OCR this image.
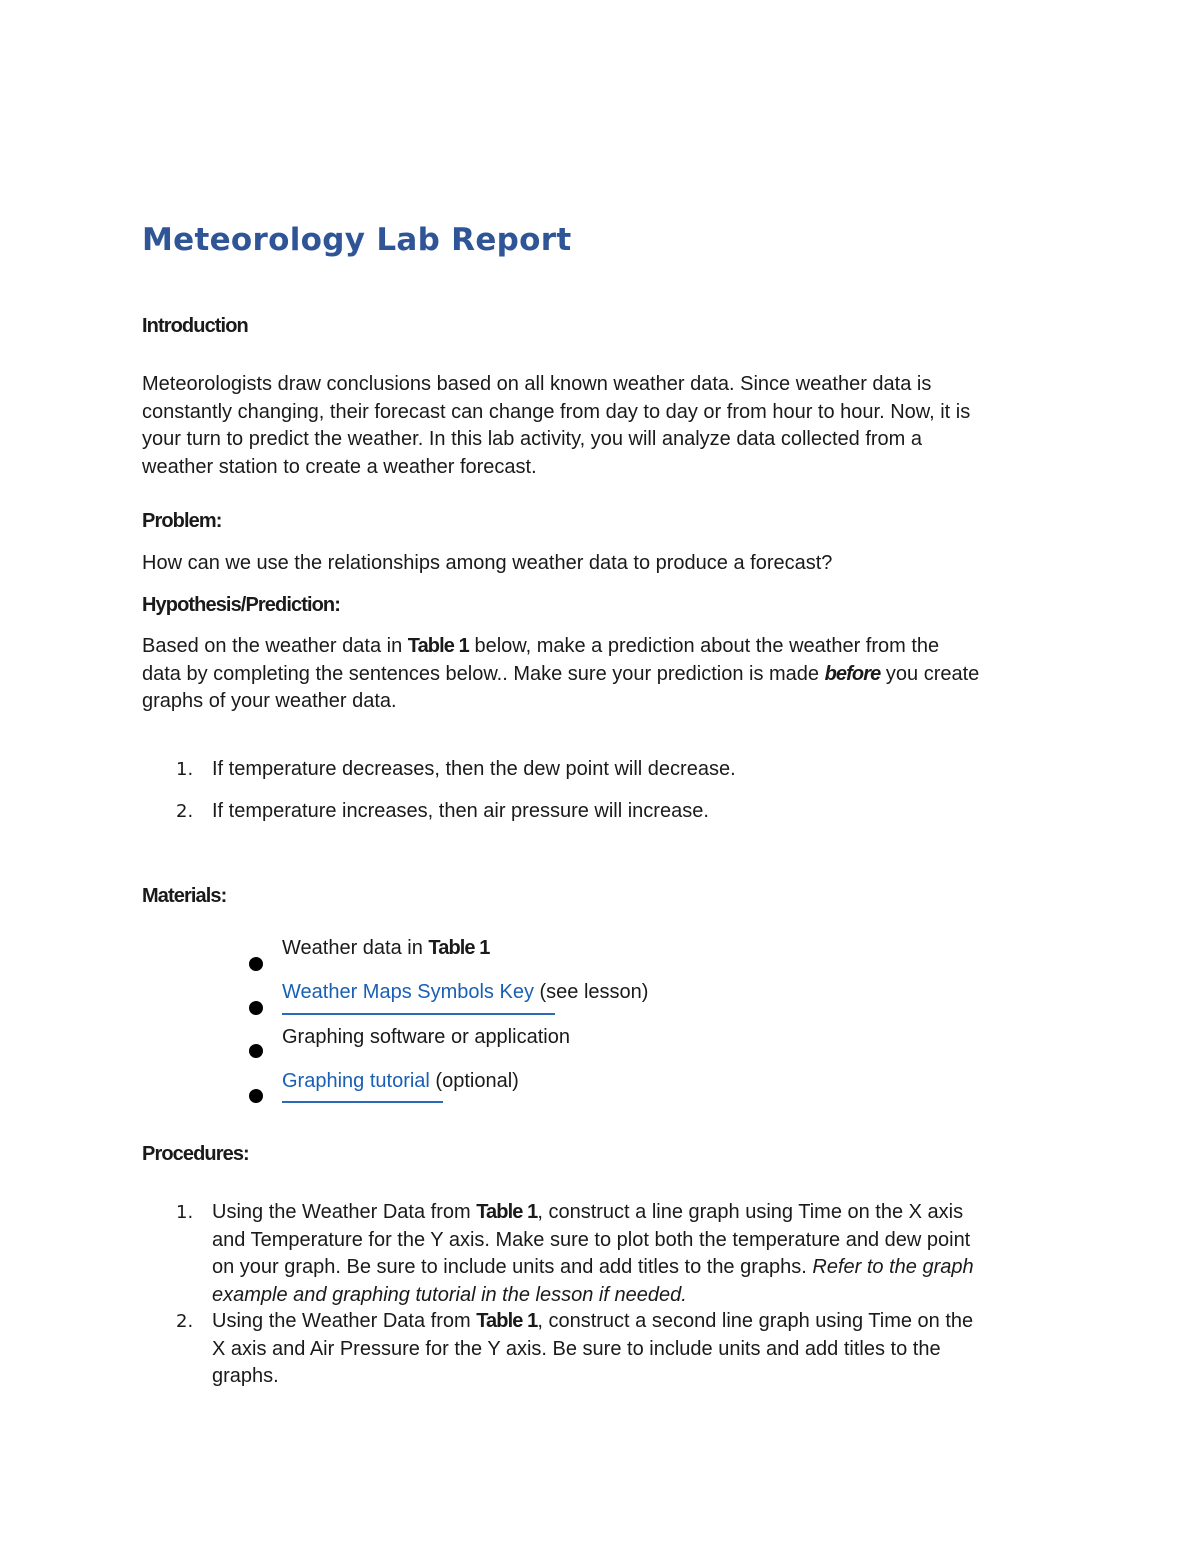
Meteorology Lab Report
Introduction
Meteorologists draw conclusions based on all known weather data. Since weather data is
constantly changing, their forecast can change from day to day or from hour to hour. Now, it is
your turn to predict the weather. In this lab activity, you will analyze data collected from a
weather station to create a weather forecast.
Problem:
How can we use the relationships among weather data to produce a forecast?
Hypothesis/Prediction:
Based on the weather data in Table 1 below, make a prediction about the weather from the
data by completing the sentences below.. Make sure your prediction is made before you create
graphs of your weather data.
1. If temperature decreases, then the dew point will decrease.
2. If temperature increases, then air pressure will increase.
Materials:
Weather data in Table 1
Weather Maps Symbols Key (see lesson)
Graphing software or application
Graphing tutorial (optional)
Procedures:
1. Using the Weather Data from Table 1, construct a line graph using Time on the X axis
and Temperature for the Y axis. Make sure to plot both the temperature and dew point
on your graph. Be sure to include units and add titles to the graphs. Refer to the graph
example and graphing tutorial in the lesson if needed.
2. Using the Weather Data from Table 1, construct a second line graph using Time on the
X axis and Air Pressure for the Y axis. Be sure to include units and add titles to the
graphs.
